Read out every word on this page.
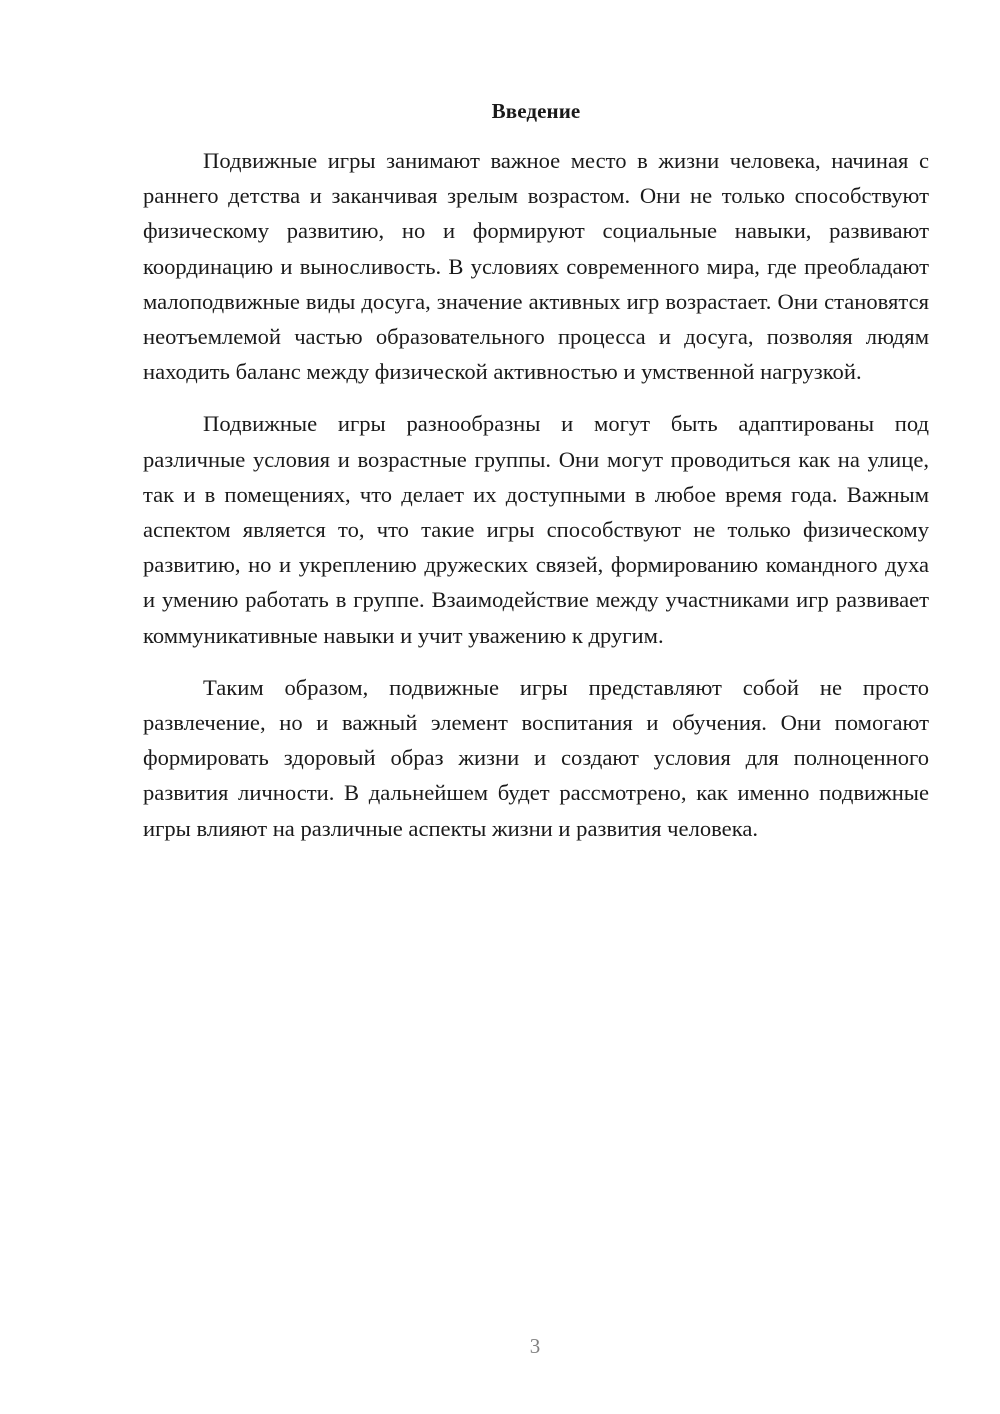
Введение

Подвижные игры занимают важное место в жизни человека, начиная с раннего детства и заканчивая зрелым возрастом. Они не только способствуют физическому развитию, но и формируют социальные навыки, развивают координацию и выносливость. В условиях современного мира, где преобладают малоподвижные виды досуга, значение активных игр возрастает. Они становятся неотъемлемой частью образовательного процесса и досуга, позволяя людям находить баланс между физической активностью и умственной нагрузкой.

Подвижные игры разнообразны и могут быть адаптированы под различные условия и возрастные группы. Они могут проводиться как на улице, так и в помещениях, что делает их доступными в любое время года. Важным аспектом является то, что такие игры способствуют не только физическому развитию, но и укреплению дружеских связей, формированию командного духа и умению работать в группе. Взаимодействие между участниками игр развивает коммуникативные навыки и учит уважению к другим.

Таким образом, подвижные игры представляют собой не просто развлечение, но и важный элемент воспитания и обучения. Они помогают формировать здоровый образ жизни и создают условия для полноценного развития личности. В дальнейшем будет рассмотрено, как именно подвижные игры влияют на различные аспекты жизни и развития человека.

3
